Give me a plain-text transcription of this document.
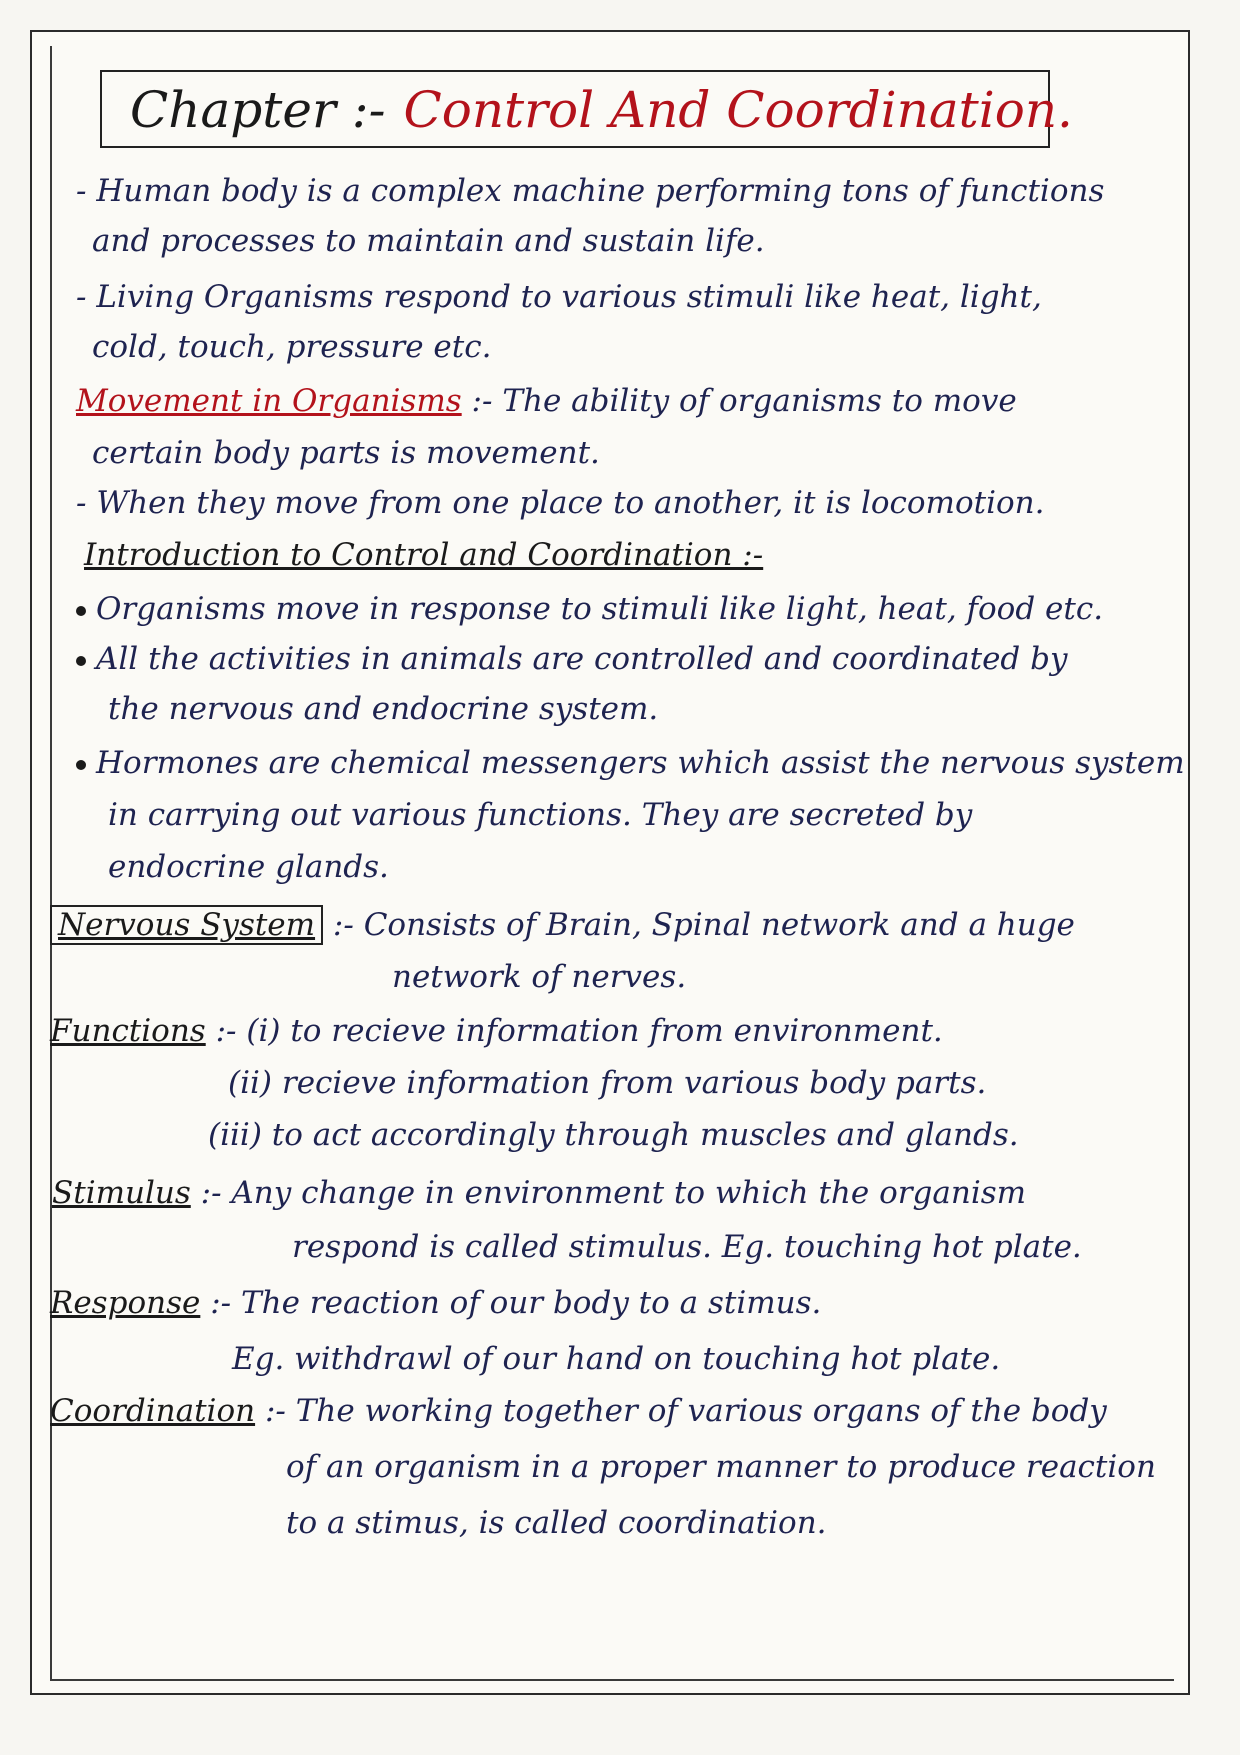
Chapter :- Control And Coordination.
- Human body is a complex machine performing tons of functions
and processes to maintain and sustain life.
- Living Organisms respond to various stimuli like heat, light,
cold, touch, pressure etc.
Movement in Organisms :- The ability of organisms to move
certain body parts is movement.
- When they move from one place to another, it is locomotion.
Introduction to Control and Coordination :-
Organisms move in response to stimuli like light, heat, food etc.
All the activities in animals are controlled and coordinated by
the nervous and endocrine system.
Hormones are chemical messengers which assist the nervous system
in carrying out various functions. They are secreted by
endocrine glands.
Nervous System :- Consists of Brain, Spinal network and a huge
network of nerves.
Functions :- (i) to recieve information from environment.
(ii) recieve information from various body parts.
(iii) to act accordingly through muscles and glands.
Stimulus :- Any change in environment to which the organism
respond is called stimulus. Eg. touching hot plate.
Response :- The reaction of our body to a stimus.
Eg. withdrawl of our hand on touching hot plate.
Coordination :- The working together of various organs of the body
of an organism in a proper manner to produce reaction
to a stimus, is called coordination.
